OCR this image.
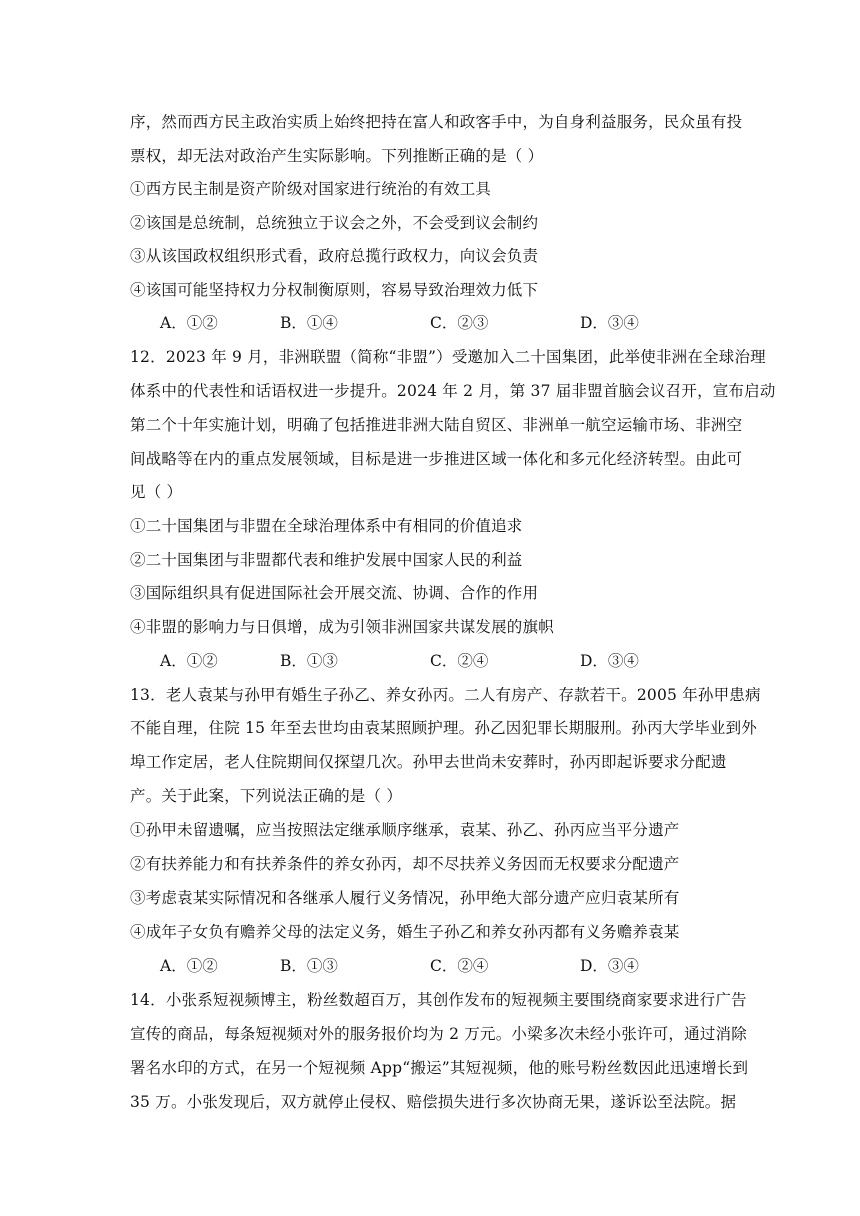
序，然而西方民主政治实质上始终把持在富人和政客手中，为自身利益服务，民众虽有投
票权，却无法对政治产生实际影响。下列推断正确的是（ ）
①西方民主制是资产阶级对国家进行统治的有效工具
②该国是总统制，总统独立于议会之外，不会受到议会制约
③从该国政权组织形式看，政府总揽行政权力，向议会负责
④该国可能坚持权力分权制衡原则，容易导致治理效力低下
A．①②	B．①④	C．②③	D．③④
12．2023 年 9 月，非洲联盟（简称“非盟”）受邀加入二十国集团，此举使非洲在全球治理
体系中的代表性和话语权进一步提升。2024 年 2 月，第 37 届非盟首脑会议召开，宣布启动
第二个十年实施计划，明确了包括推进非洲大陆自贸区、非洲单一航空运输市场、非洲空
间战略等在内的重点发展领域，目标是进一步推进区域一体化和多元化经济转型。由此可
见（ ）
①二十国集团与非盟在全球治理体系中有相同的价值追求
②二十国集团与非盟都代表和维护发展中国家人民的利益
③国际组织具有促进国际社会开展交流、协调、合作的作用
④非盟的影响力与日俱增，成为引领非洲国家共谋发展的旗帜
A．①②	B．①③	C．②④	D．③④
13．老人袁某与孙甲有婚生子孙乙、养女孙丙。二人有房产、存款若干。2005 年孙甲患病
不能自理，住院 15 年至去世均由袁某照顾护理。孙乙因犯罪长期服刑。孙丙大学毕业到外
埠工作定居，老人住院期间仅探望几次。孙甲去世尚未安葬时，孙丙即起诉要求分配遗
产。关于此案，下列说法正确的是（ ）
①孙甲未留遗嘱，应当按照法定继承顺序继承，袁某、孙乙、孙丙应当平分遗产
②有扶养能力和有扶养条件的养女孙丙，却不尽扶养义务因而无权要求分配遗产
③考虑袁某实际情况和各继承人履行义务情况，孙甲绝大部分遗产应归袁某所有
④成年子女负有赡养父母的法定义务，婚生子孙乙和养女孙丙都有义务赡养袁某
A．①②	B．①③	C．②④	D．③④
14．小张系短视频博主，粉丝数超百万，其创作发布的短视频主要围绕商家要求进行广告
宣传的商品，每条短视频对外的服务报价均为 2 万元。小梁多次未经小张许可，通过消除
署名水印的方式，在另一个短视频 App“搬运”其短视频，他的账号粉丝数因此迅速增长到
35 万。小张发现后，双方就停止侵权、赔偿损失进行多次协商无果，遂诉讼至法院。据
